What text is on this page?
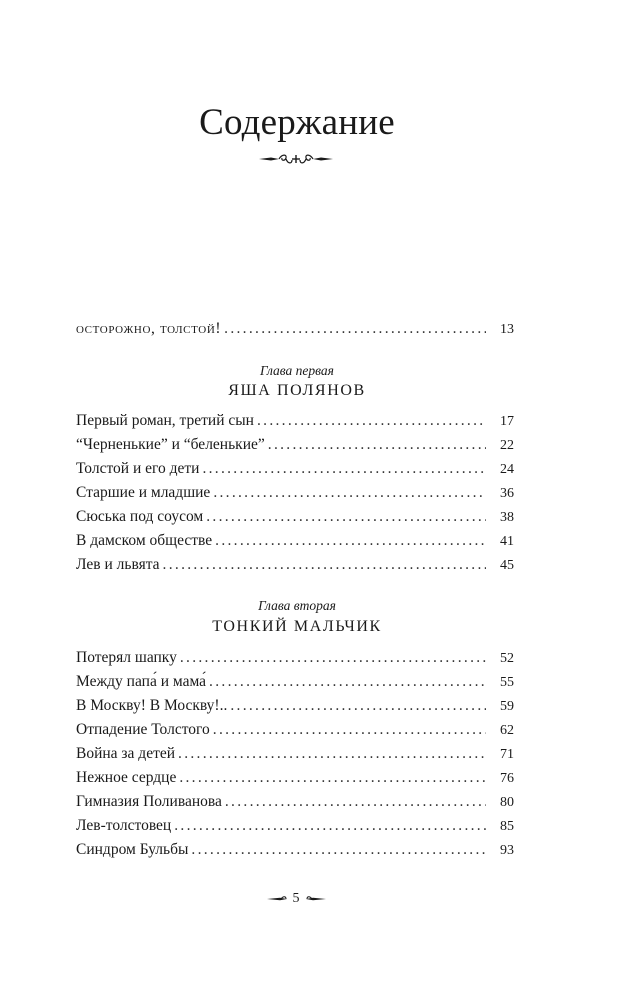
Содержание
осторожно, толстой! .....	13
Глава первая
ЯША ПОЛЯНОВ
Первый роман, третий сын .....	17
“Черненькие” и “беленькие” .....	22
Толстой и его дети .....	24
Старшие и младшие .....	36
Сюська под соусом .....	38
В дамском обществе .....	41
Лев и львята .....	45
Глава вторая
ТОНКИЙ МАЛЬЧИК
Потерял шапку .....	52
Между папа́ и мама́ .....	55
В Москву! В Москву!.. .....	59
Отпадение Толстого .....	62
Война за детей .....	71
Нежное сердце .....	76
Гимназия Поливанова .....	80
Лев-толстовец .....	85
Синдром Бульбы .....	93
5
